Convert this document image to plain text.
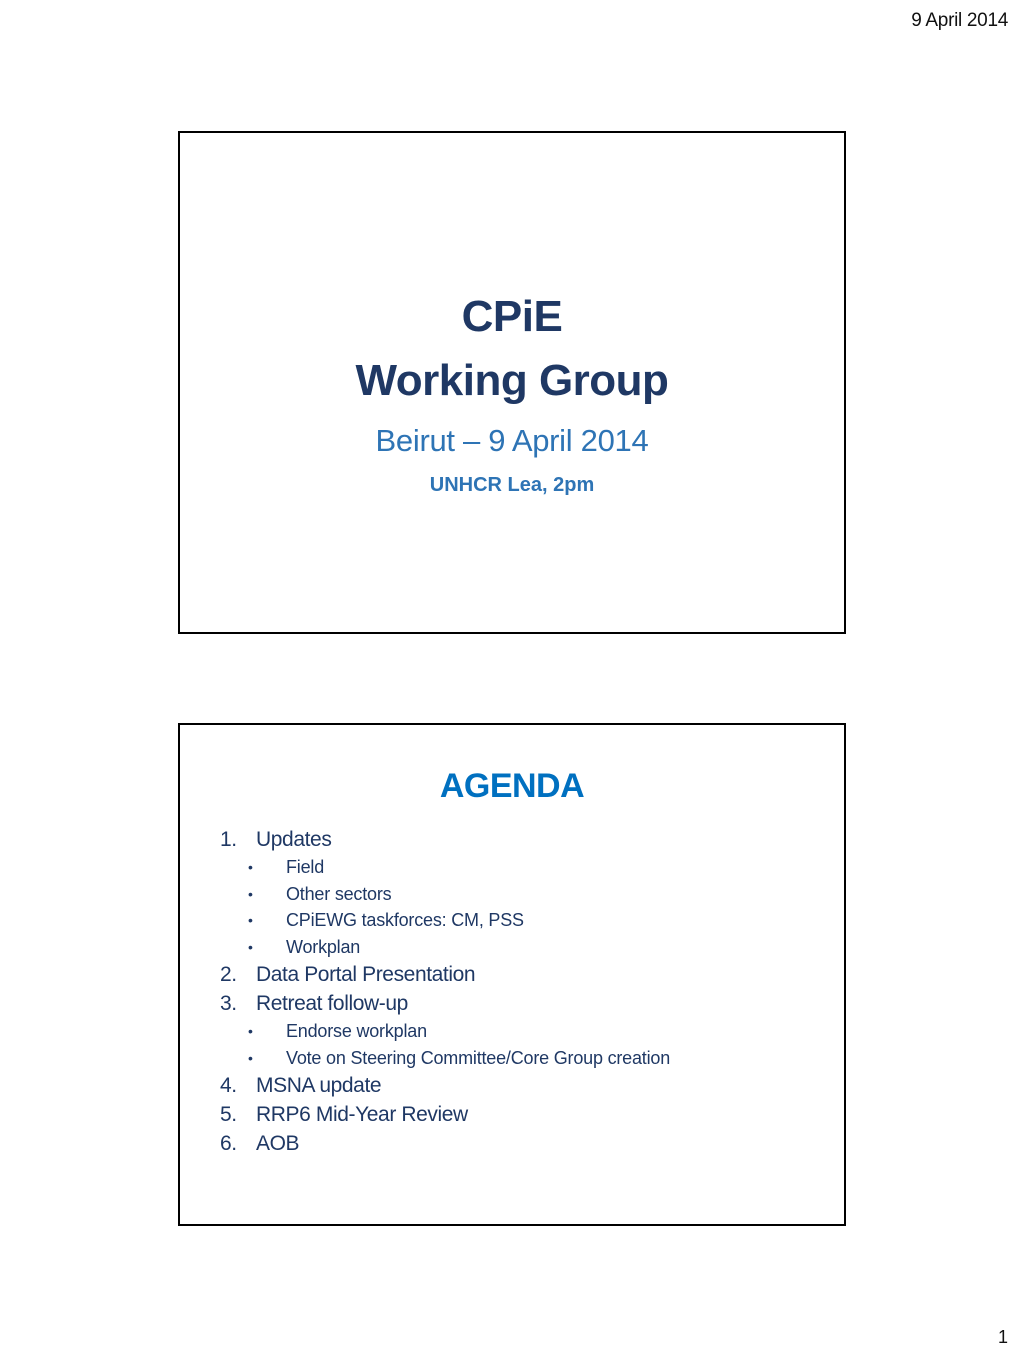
9 April 2014
CPiE
Working Group
Beirut – 9 April 2014
UNHCR Lea, 2pm
AGENDA
1. Updates
• Field
• Other sectors
• CPiEWG taskforces: CM, PSS
• Workplan
2. Data Portal Presentation
3. Retreat follow-up
• Endorse workplan
• Vote on Steering Committee/Core Group creation
4. MSNA update
5. RRP6 Mid-Year Review
6. AOB
1
